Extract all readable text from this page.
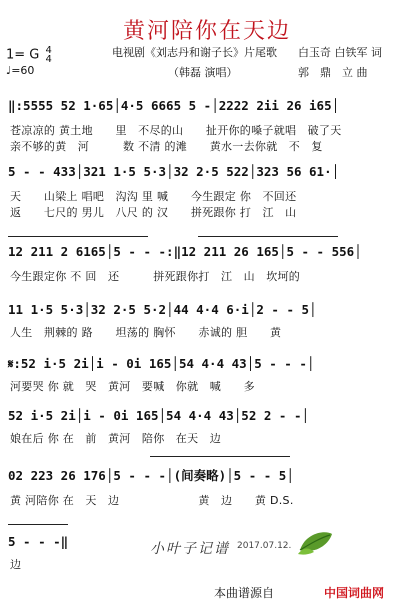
黄河陪你在天边
1= G 4
4
♩=60
电视剧《刘志丹和谢子长》片尾歌
（韩磊 演唱）
白玉奇 白铁军 词
郭　鼎　立 曲
‖:5555 52 1·65│4·5 6665 5 -│2222 2ii 26 i65│
苍凉凉的 黄土地　　里　不尽的山　　扯开你的嗓子就唱　破了天
亲不够的黄　河　　　数 不清 的滩　　黄水一去你就　不　复
5 - - 433│321 1·5 5·3│32 2·5 522│323 56 61·│
天　　山梁上 唱吧　沟沟 里 喊　　今生跟定 你　不回还
返　　七尺的 男儿　八尺 的 汉　　拼死跟你 打　江　山
12 211 2 6165│5 - - -:‖12 211 26 165│5 - - 556│
今生跟定你 不 回　还　　　拼死跟你打　江　山　坎坷的
11 1·5 5·3│32 2·5 5·2│44 4·4 6·i│2 - - 5│
人生　荆棘的 路　　坦荡的 胸怀　　赤诚的 胆　　黄
𝄋:52 i·5 2i│i - 0i 165│54 4·4 43│5 - - -│
河要哭 你 就　哭　黄河　要喊　你就　喊　　多
52 i·5 2i│i - 0i 165│54 4·4 43│52 2 - -│
娘在后 你 在　前　黄河　陪你　在天　边
02 223 26 176│5 - - -│(间奏略)│5 - - 5│
黄 河陪你 在　天　边　　　　　　　黄　边　　黄 D.S.
5 - - -‖
边
小叶子记谱 2017.07.12.
本曲谱源自	中国词曲网
